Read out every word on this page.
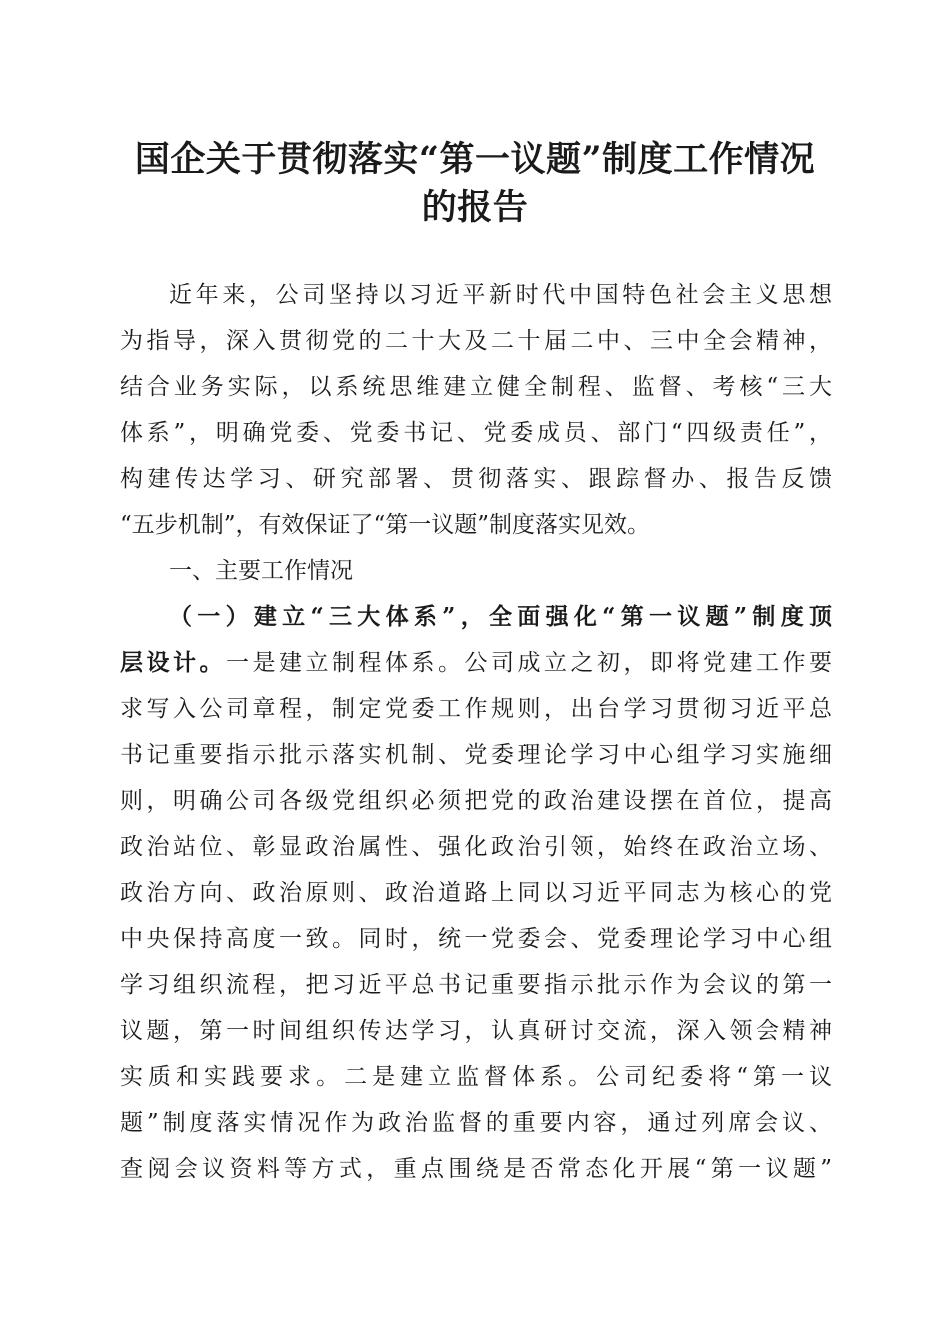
国企关于贯彻落实“第一议题”制度工作情况
的报告
近年来，公司坚持以习近平新时代中国特色社会主义思想
为指导，深入贯彻党的二十大及二十届二中、三中全会精神，
结合业务实际，以系统思维建立健全制程、监督、考核“三大
体系”，明确党委、党委书记、党委成员、部门“四级责任”，
构建传达学习、研究部署、贯彻落实、跟踪督办、报告反馈
“五步机制”，有效保证了“第一议题”制度落实见效。
一、主要工作情况
（一）建立“三大体系”，全面强化“第一议题”制度顶
层设计。一是建立制程体系。公司成立之初，即将党建工作要
求写入公司章程，制定党委工作规则，出台学习贯彻习近平总
书记重要指示批示落实机制、党委理论学习中心组学习实施细
则，明确公司各级党组织必须把党的政治建设摆在首位，提高
政治站位、彰显政治属性、强化政治引领，始终在政治立场、
政治方向、政治原则、政治道路上同以习近平同志为核心的党
中央保持高度一致。同时，统一党委会、党委理论学习中心组
学习组织流程，把习近平总书记重要指示批示作为会议的第一
议题，第一时间组织传达学习，认真研讨交流，深入领会精神
实质和实践要求。二是建立监督体系。公司纪委将“第一议
题”制度落实情况作为政治监督的重要内容，通过列席会议、
查阅会议资料等方式，重点围绕是否常态化开展“第一议题”
